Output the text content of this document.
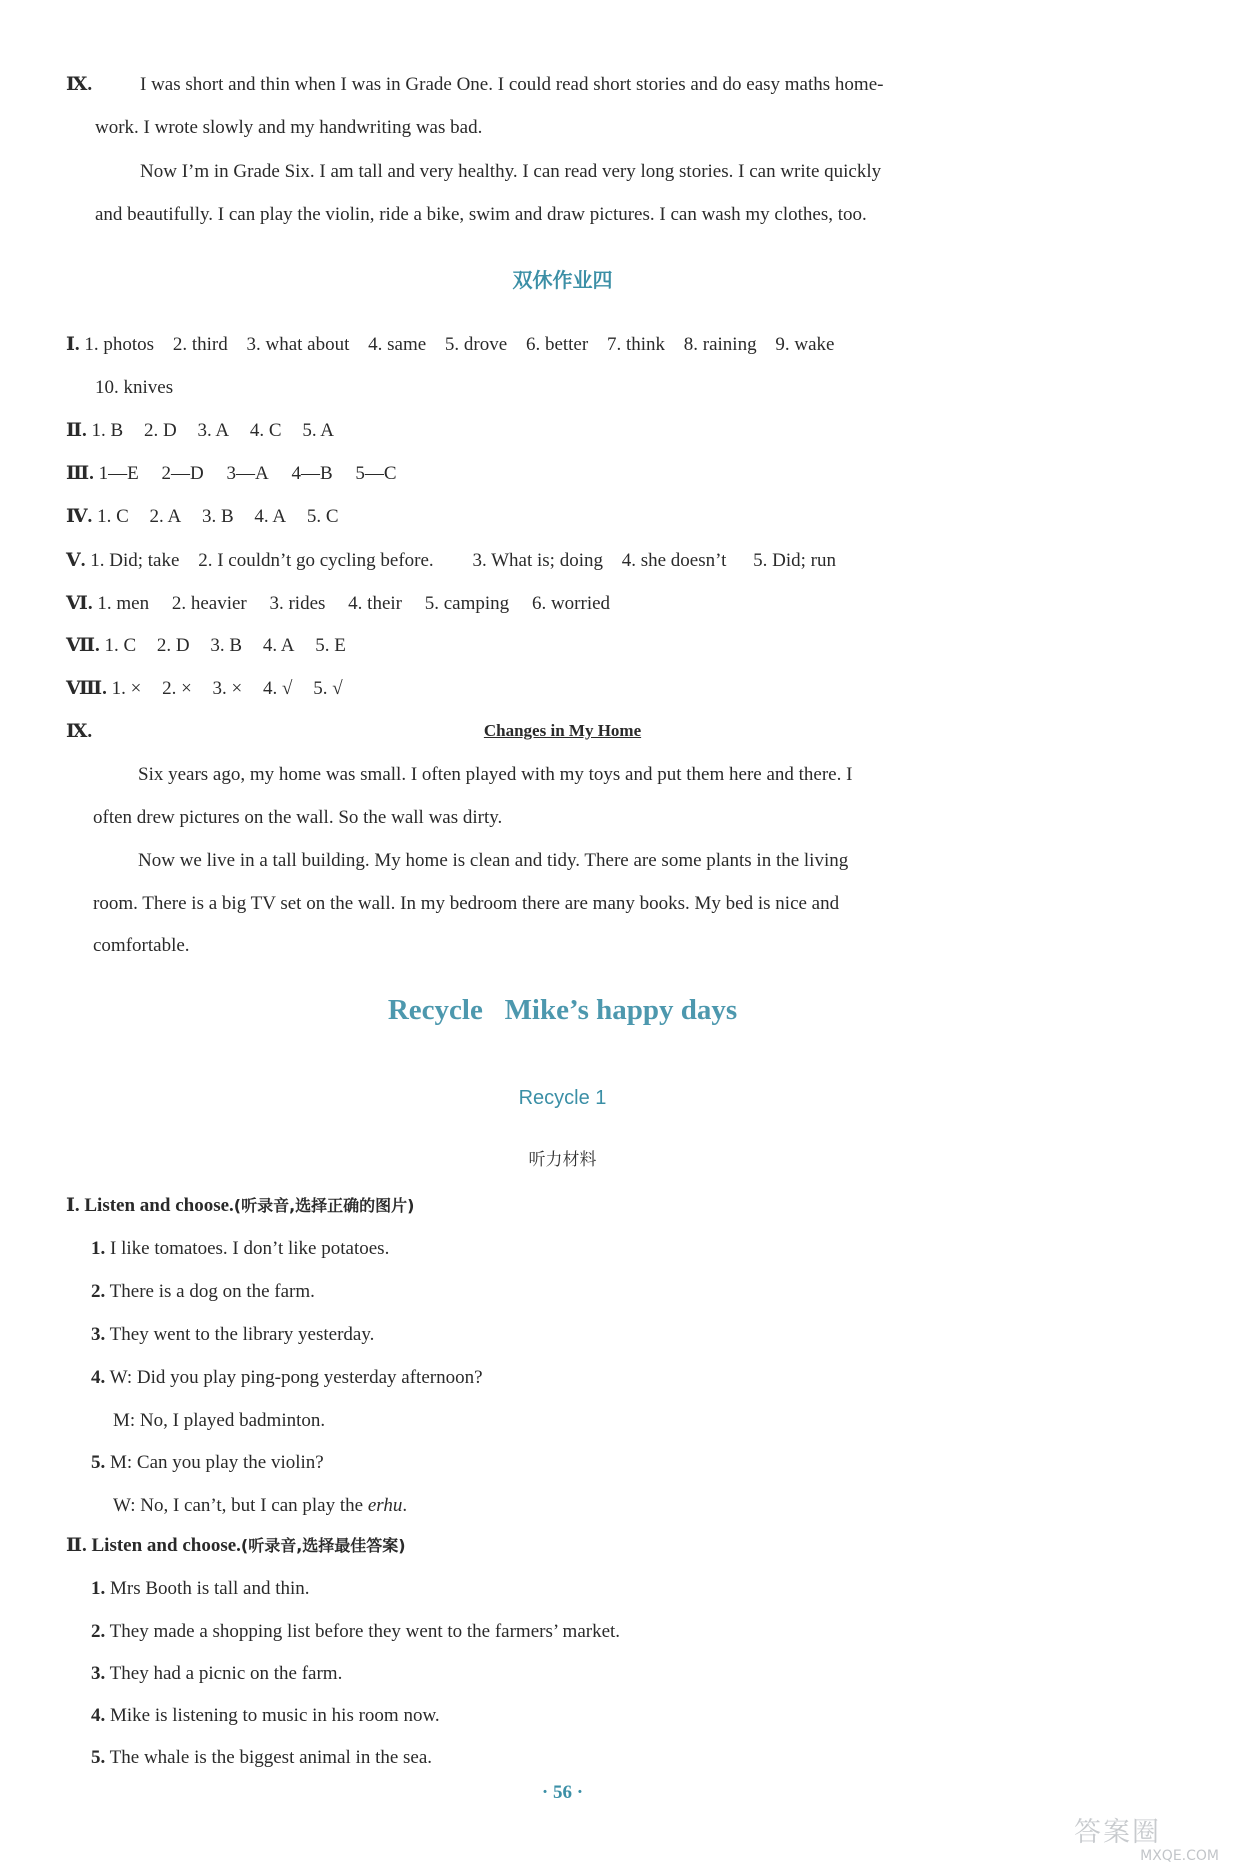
Ⅸ.	I was short and thin when I was in Grade One. I could read short stories and do easy maths home-
work. I wrote slowly and my handwriting was bad.
Now I’m in Grade Six. I am tall and very healthy. I can read very long stories. I can write quickly
and beautifully. I can play the violin, ride a bike, swim and draw pictures. I can wash my clothes, too.
双休作业四
Ⅰ. 1. photos 2. third 3. what about 4. same 5. drove 6. better 7. think 8. raining 9. wake
10. knives
Ⅱ. 1. B 2. D 3. A 4. C 5. A
Ⅲ. 1—E 2—D 3—A 4—B 5—C
Ⅳ. 1. C 2. A 3. B 4. A 5. C
Ⅴ. 1. Did; take 2. I couldn’t go cycling before. 3. What is; doing 4. she doesn’t 5. Did; run
Ⅵ. 1. men 2. heavier 3. rides 4. their 5. camping 6. worried
Ⅶ. 1. C 2. D 3. B 4. A 5. E
Ⅷ. 1. × 2. × 3. × 4. √ 5. √
Ⅸ.	Changes in My Home
Six years ago, my home was small. I often played with my toys and put them here and there. I
often drew pictures on the wall. So the wall was dirty.
Now we live in a tall building. My home is clean and tidy. There are some plants in the living
room. There is a big TV set on the wall. In my bedroom there are many books. My bed is nice and
comfortable.
Recycle   Mike’s happy days
Recycle 1
听力材料
Ⅰ. Listen and choose.(听录音,选择正确的图片)
1. I like tomatoes. I don’t like potatoes.
2. There is a dog on the farm.
3. They went to the library yesterday.
4. W: Did you play ping-pong yesterday afternoon?
M: No, I played badminton.
5. M: Can you play the violin?
W: No, I can’t, but I can play the erhu.
Ⅱ. Listen and choose.(听录音,选择最佳答案)
1. Mrs Booth is tall and thin.
2. They made a shopping list before they went to the farmers’ market.
3. They had a picnic on the farm.
4. Mike is listening to music in his room now.
5. The whale is the biggest animal in the sea.
· 56 ·
答案圈
MXQE.COM
